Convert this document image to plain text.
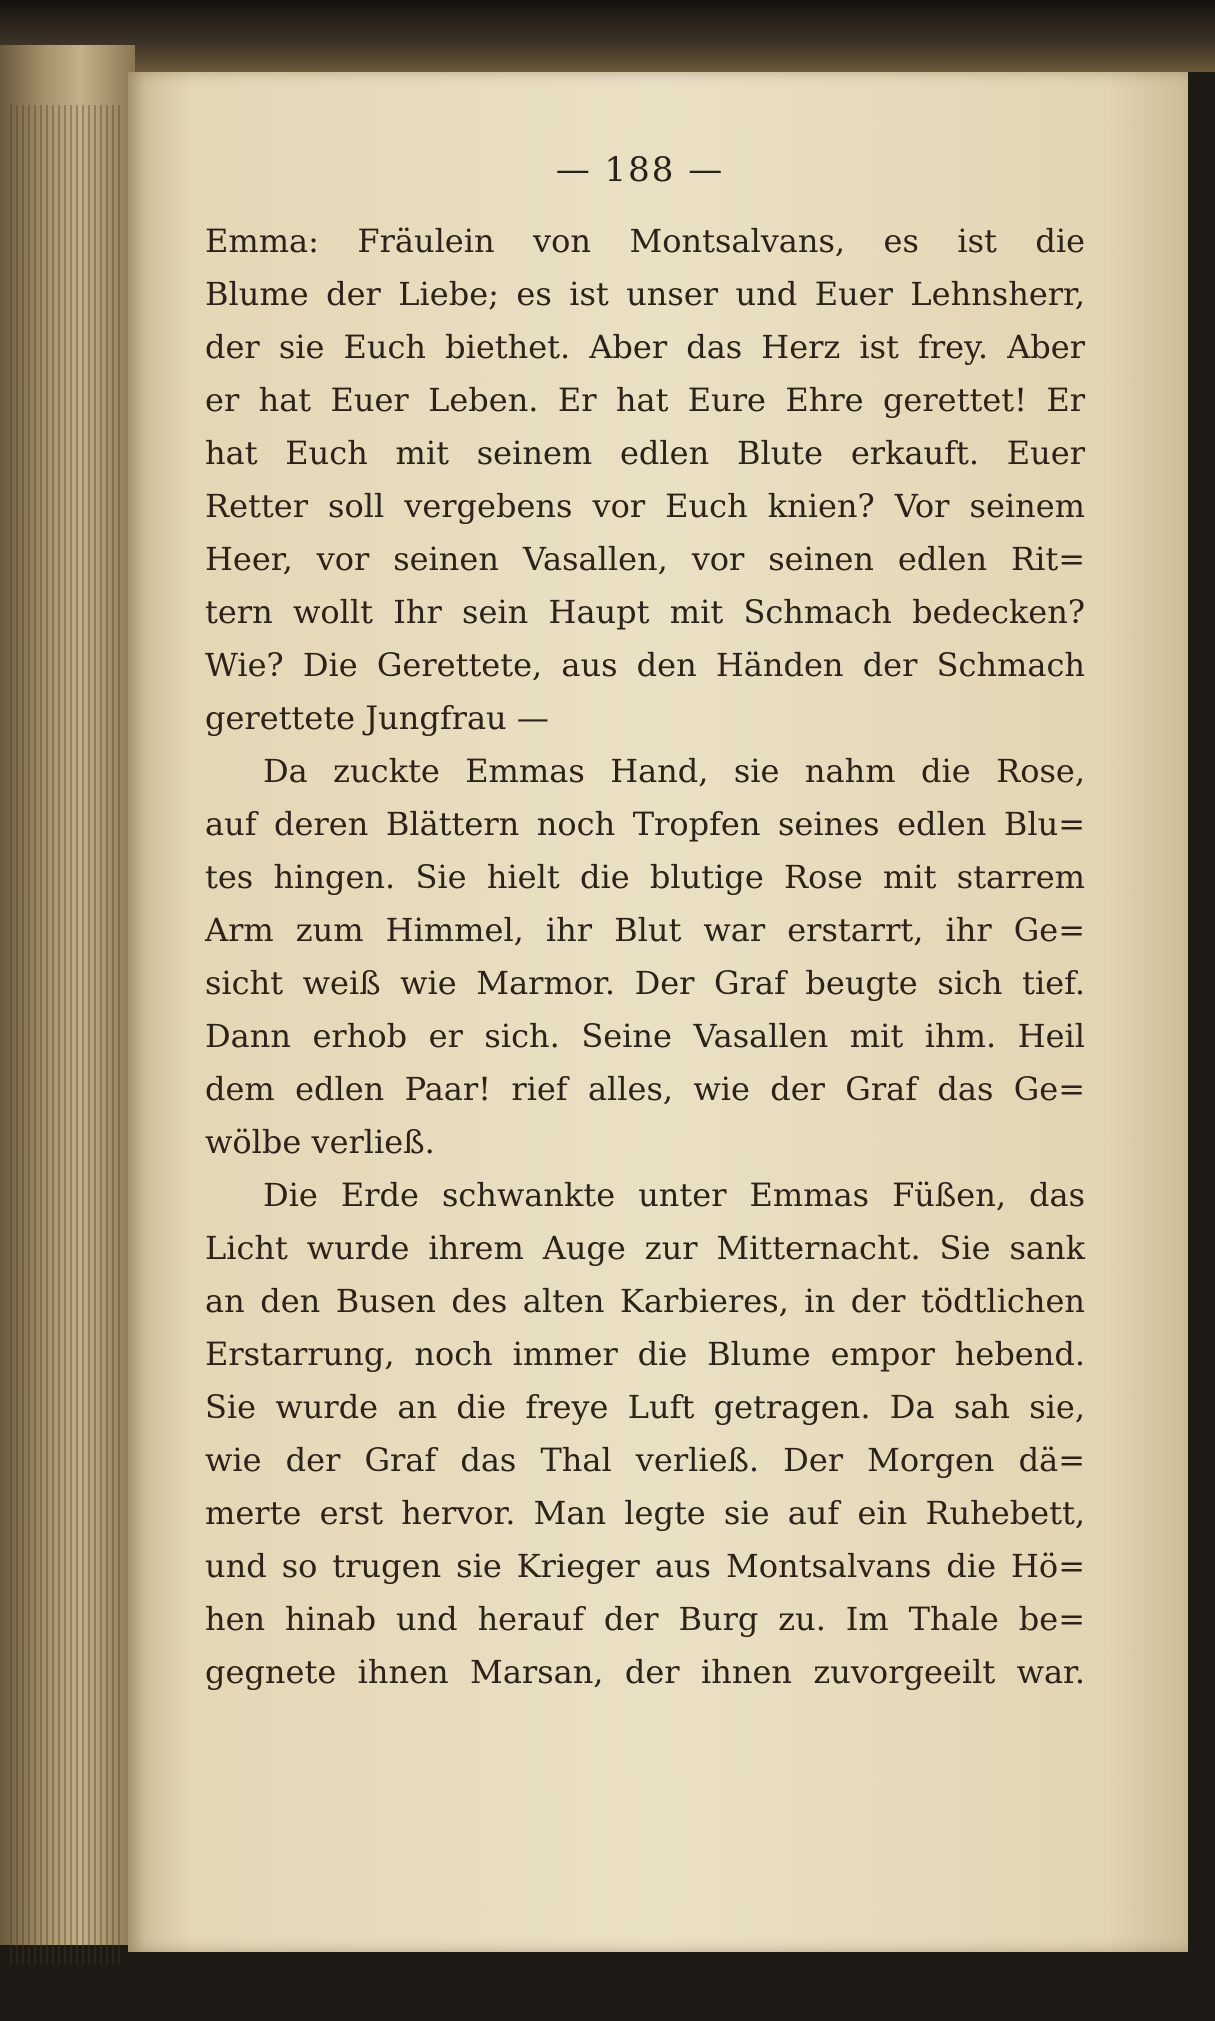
— 188 —
Emma: Fräulein von Montsalvans, es ist die
Blume der Liebe; es ist unser und Euer Lehnsherr,
der sie Euch biethet. Aber das Herz ist frey. Aber
er hat Euer Leben. Er hat Eure Ehre gerettet! Er
hat Euch mit seinem edlen Blute erkauft. Euer
Retter soll vergebens vor Euch knien? Vor seinem
Heer, vor seinen Vasallen, vor seinen edlen Rit=
tern wollt Ihr sein Haupt mit Schmach bedecken?
Wie? Die Gerettete, aus den Händen der Schmach
gerettete Jungfrau —
Da zuckte Emmas Hand, sie nahm die Rose,
auf deren Blättern noch Tropfen seines edlen Blu=
tes hingen. Sie hielt die blutige Rose mit starrem
Arm zum Himmel, ihr Blut war erstarrt, ihr Ge=
sicht weiß wie Marmor. Der Graf beugte sich tief.
Dann erhob er sich. Seine Vasallen mit ihm. Heil
dem edlen Paar! rief alles, wie der Graf das Ge=
wölbe verließ.
Die Erde schwankte unter Emmas Füßen, das
Licht wurde ihrem Auge zur Mitternacht. Sie sank
an den Busen des alten Karbieres, in der tödtlichen
Erstarrung, noch immer die Blume empor hebend.
Sie wurde an die freye Luft getragen. Da sah sie,
wie der Graf das Thal verließ. Der Morgen dä=
merte erst hervor. Man legte sie auf ein Ruhebett,
und so trugen sie Krieger aus Montsalvans die Hö=
hen hinab und herauf der Burg zu. Im Thale be=
gegnete ihnen Marsan, der ihnen zuvorgeeilt war.
